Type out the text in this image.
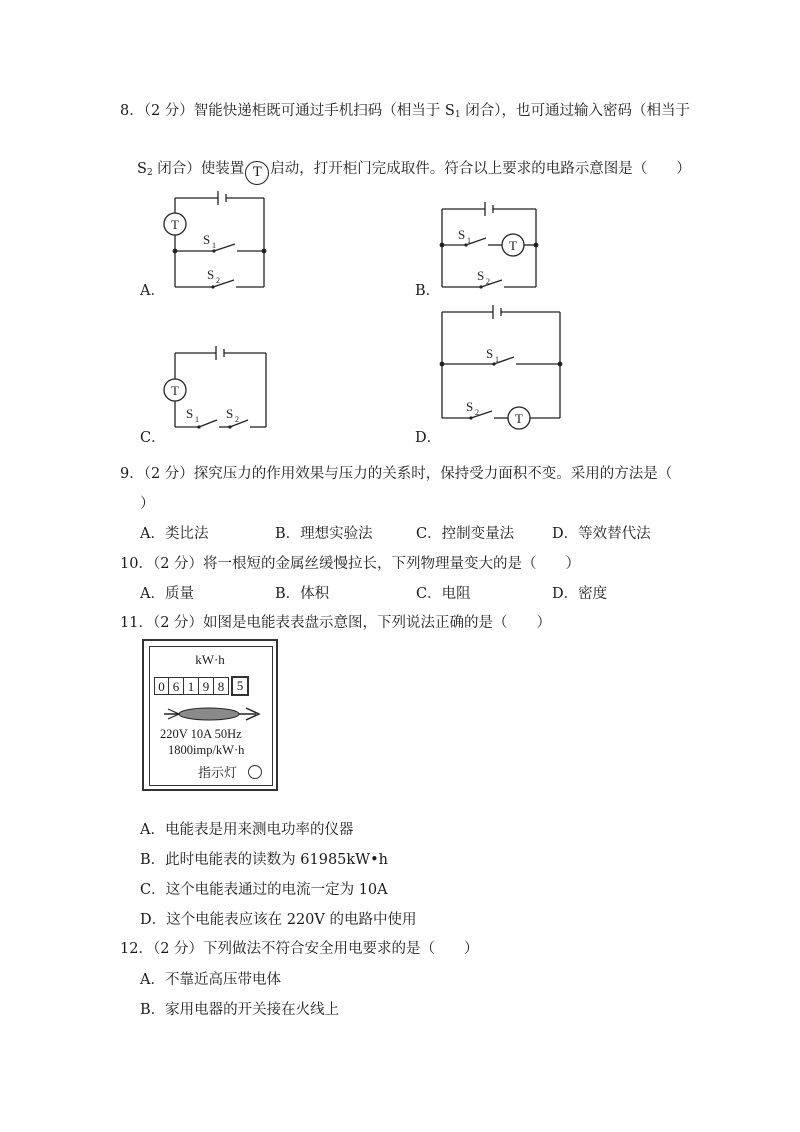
8．（2 分）智能快递柜既可通过手机扫码（相当于 $S_1$ 闭合），也可通过输入密码（相当于
$S_2$ 闭合）使装置 T 启动，打开柜门完成取件。符合以上要求的电路示意图是（　　）
T
T
T
T
S 1
S 2
S 1
S 2
S 1 S 2
S 1
S 2
A．	B．
C．	D．
9．（2 分）探究压力的作用效果与压力的关系时，保持受力面积不变。采用的方法是（
）
A．类比法	B．理想实验法	C．控制变量法	D．等效替代法
10．（2 分）将一根短的金属丝缓慢拉长，下列物理量变大的是（　　）
A．质量	B．体积	C．电阻	D．密度
11．（2 分）如图是电能表表盘示意图，下列说法正确的是（　　）
kW·h
0 6 1 9 8 5
220V 10A 50Hz
1800imp/kW·h
指示灯
A．电能表是用来测电功率的仪器
B．此时电能表的读数为 61985kW•h
C．这个电能表通过的电流一定为 10A
D．这个电能表应该在 220V 的电路中使用
12．（2 分）下列做法不符合安全用电要求的是（　　）
A．不靠近高压带电体
B．家用电器的开关接在火线上
